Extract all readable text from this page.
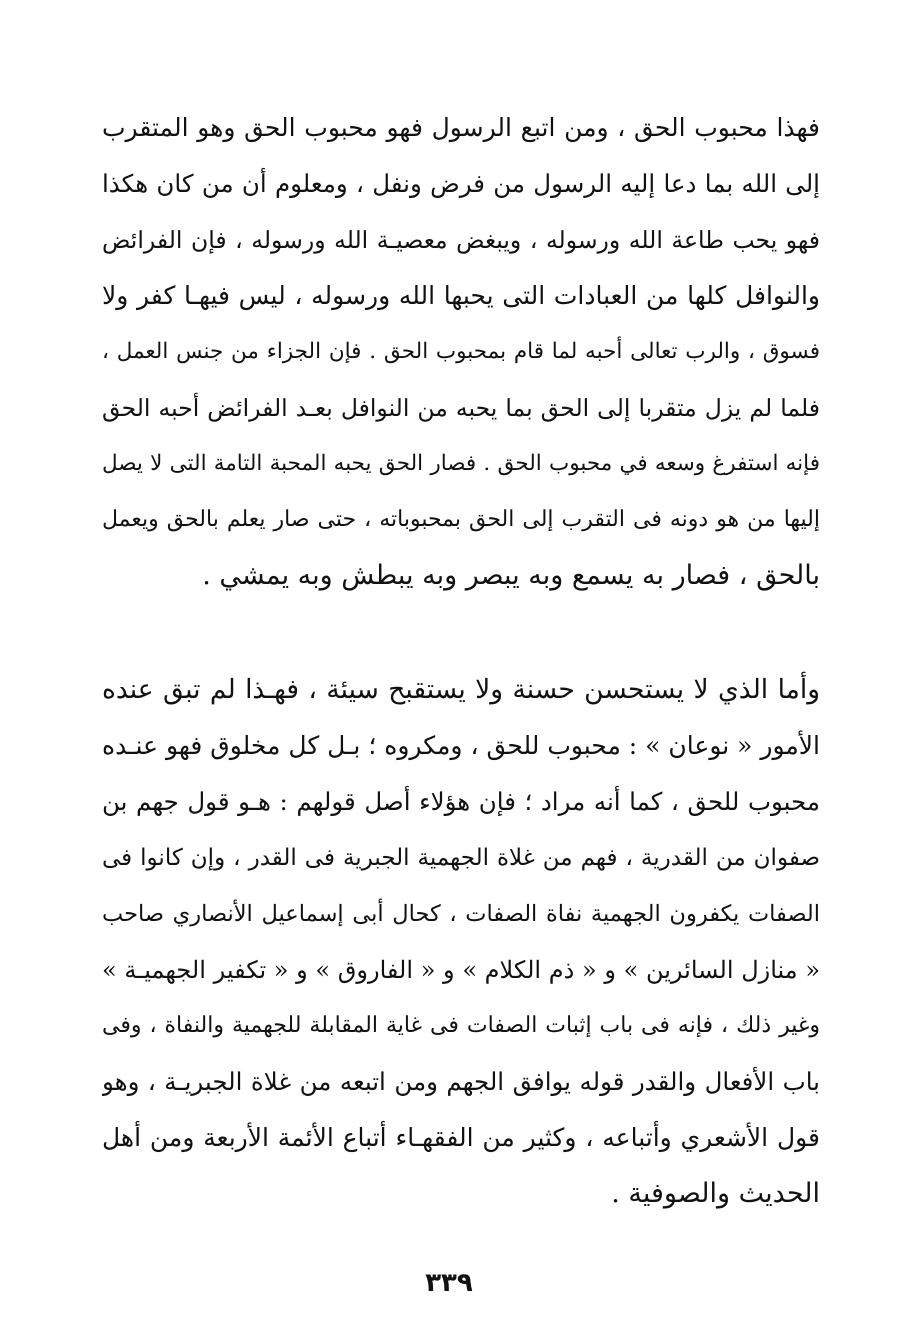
فهذا محبوب الحق ، ومن اتبع الرسول فهو محبوب الحق وهو المتقرب
إلى الله بما دعا إليه الرسول من فرض ونفل ، ومعلوم أن من كان هكذا
فهو يحب طاعة الله ورسوله ، ويبغض معصيـة الله ورسوله ، فإن الفرائض
والنوافل كلها من العبادات التى يحبها الله ورسوله ، ليس فيهـا كفر ولا
فسوق ، والرب تعالى أحبه لما قام بمحبوب الحق . فإن الجزاء من جنس العمل ،
فلما لم يزل متقربا إلى الحق بما يحبه من النوافل بعـد الفرائض أحبه الحق
فإنه استفرغ وسعه في محبوب الحق . فصار الحق يحبه المحبة التامة التى لا يصل
إليها من هو دونه فى التقرب إلى الحق بمحبوباته ، حتى صار يعلم بالحق ويعمل
بالحق ، فصار به يسمع وبه يبصر وبه يبطش وبه يمشي .
وأما الذي لا يستحسن حسنة ولا يستقبح سيئة ، فهـذا لم تبق عنده
الأمور « نوعان » : محبوب للحق ، ومكروه ؛ بـل كل مخلوق فهو عنـده
محبوب للحق ، كما أنه مراد ؛ فإن هؤلاء أصل قولهم : هـو قول جهم بن
صفوان من القدرية ، فهم من غلاة الجهمية الجبرية فى القدر ، وإن كانوا فى
الصفات يكفرون الجهمية نفاة الصفات ، كحال أبى إسماعيل الأنصاري صاحب
« منازل السائرين » و « ذم الكلام » و « الفاروق » و « تكفير الجهميـة »
وغير ذلك ، فإنه فى باب إثبات الصفات فى غاية المقابلة للجهمية والنفاة ، وفى
باب الأفعال والقدر قوله يوافق الجهم ومن اتبعه من غلاة الجبريـة ، وهو
قول الأشعري وأتباعه ، وكثير من الفقهـاء أتباع الأئمة الأربعة ومن أهل
الحديث والصوفية .
٣٣٩
